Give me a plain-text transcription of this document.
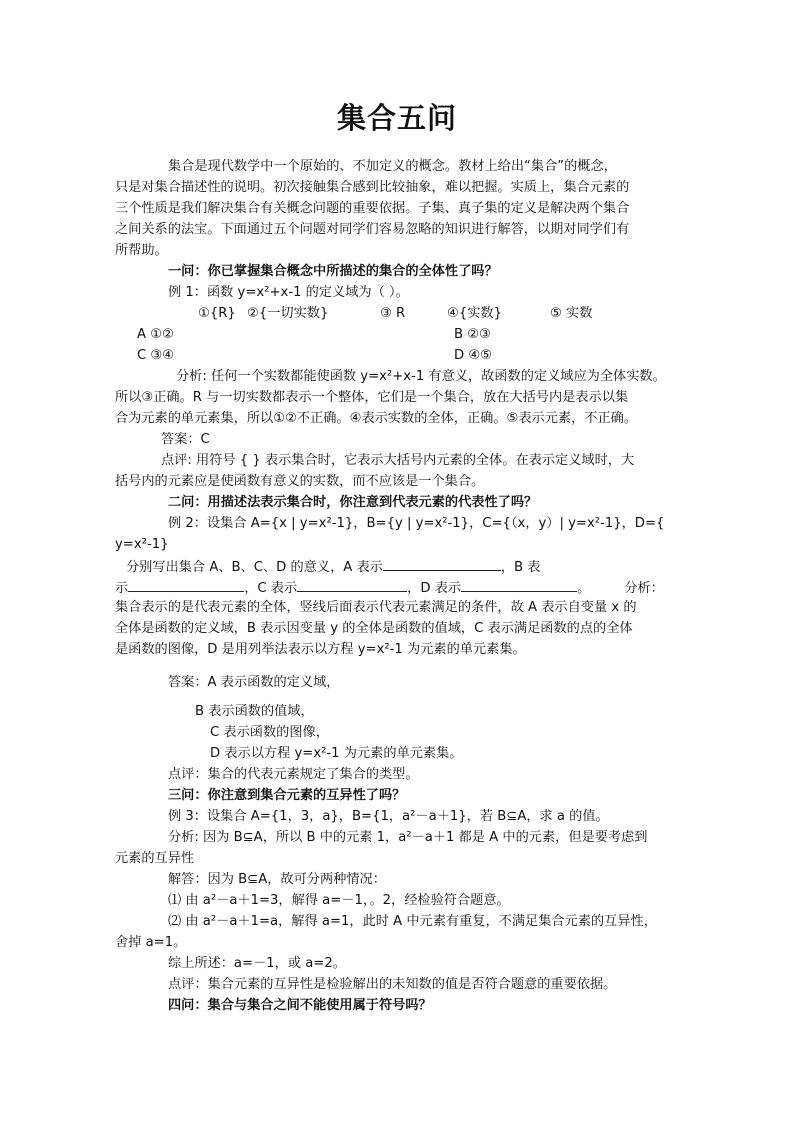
集合五问
集合是现代数学中一个原始的、不加定义的概念。教材上给出“集合”的概念，
只是对集合描述性的说明。初次接触集合感到比较抽象，难以把握。实质上，集合元素的
三个性质是我们解决集合有关概念问题的重要依据。子集、真子集的定义是解决两个集合
之间关系的法宝。下面通过五个问题对同学们容易忽略的知识进行解答，以期对同学们有
所帮助。
一问：你已掌握集合概念中所描述的集合的全体性了吗？
例 1：函数 y=x²+x-1 的定义域为（ ）。
①{R} ②{一切实数}	③ R	④{实数}	⑤ 实数
A ①②	B ②③
C ③④	D ④⑤
分析: 任何一个实数都能使函数 y=x²+x-1 有意义，故函数的定义域应为全体实数。
所以③正确。R 与一切实数都表示一个整体，它们是一个集合，放在大括号内是表示以集
合为元素的单元素集，所以①②不正确。④表示实数的全体，正确。⑤表示元素，不正确。
答案：C
点评: 用符号 { } 表示集合时，它表示大括号内元素的全体。在表示定义域时，大
括号内的元素应是使函数有意义的实数，而不应该是一个集合。
二问：用描述法表示集合时，你注意到代表元素的代表性了吗？
例 2：设集合 A={x | y=x²-1}，B={y | y=x²-1}，C={（x，y）| y=x²-1}，D={
y=x²-1}
分别写出集合 A、B、C、D 的意义，A 表示	，B 表
示	，C 表示	，D 表示	。	分析：
集合表示的是代表元素的全体，竖线后面表示代表元素满足的条件，故 A 表示自变量 x 的
全体是函数的定义域，B 表示因变量 y 的全体是函数的值域，C 表示满足函数的点的全体
是函数的图像，D 是用列举法表示以方程 y=x²-1 为元素的单元素集。
答案：A 表示函数的定义域，
B 表示函数的值域，
C 表示函数的图像，
D 表示以方程 y=x²-1 为元素的单元素集。
点评：集合的代表元素规定了集合的类型。
三问：你注意到集合元素的互异性了吗？
例 3：设集合 A={1，3，a}，B={1，a²－a＋1}，若 B⊆A，求 a 的值。
分析: 因为 B⊆A，所以 B 中的元素 1，a²－a＋1 都是 A 中的元素，但是要考虑到
元素的互异性
解答：因为 B⊆A，故可分两种情况：
⑴ 由 a²－a＋1=3，解得 a=－1，。2，经检验符合题意。
⑵ 由 a²－a＋1=a，解得 a=1，此时 A 中元素有重复，不满足集合元素的互异性，
舍掉 a=1。
综上所述：a=－1，或 a=2。
点评：集合元素的互异性是检验解出的未知数的值是否符合题意的重要依据。
四问：集合与集合之间不能使用属于符号吗？
